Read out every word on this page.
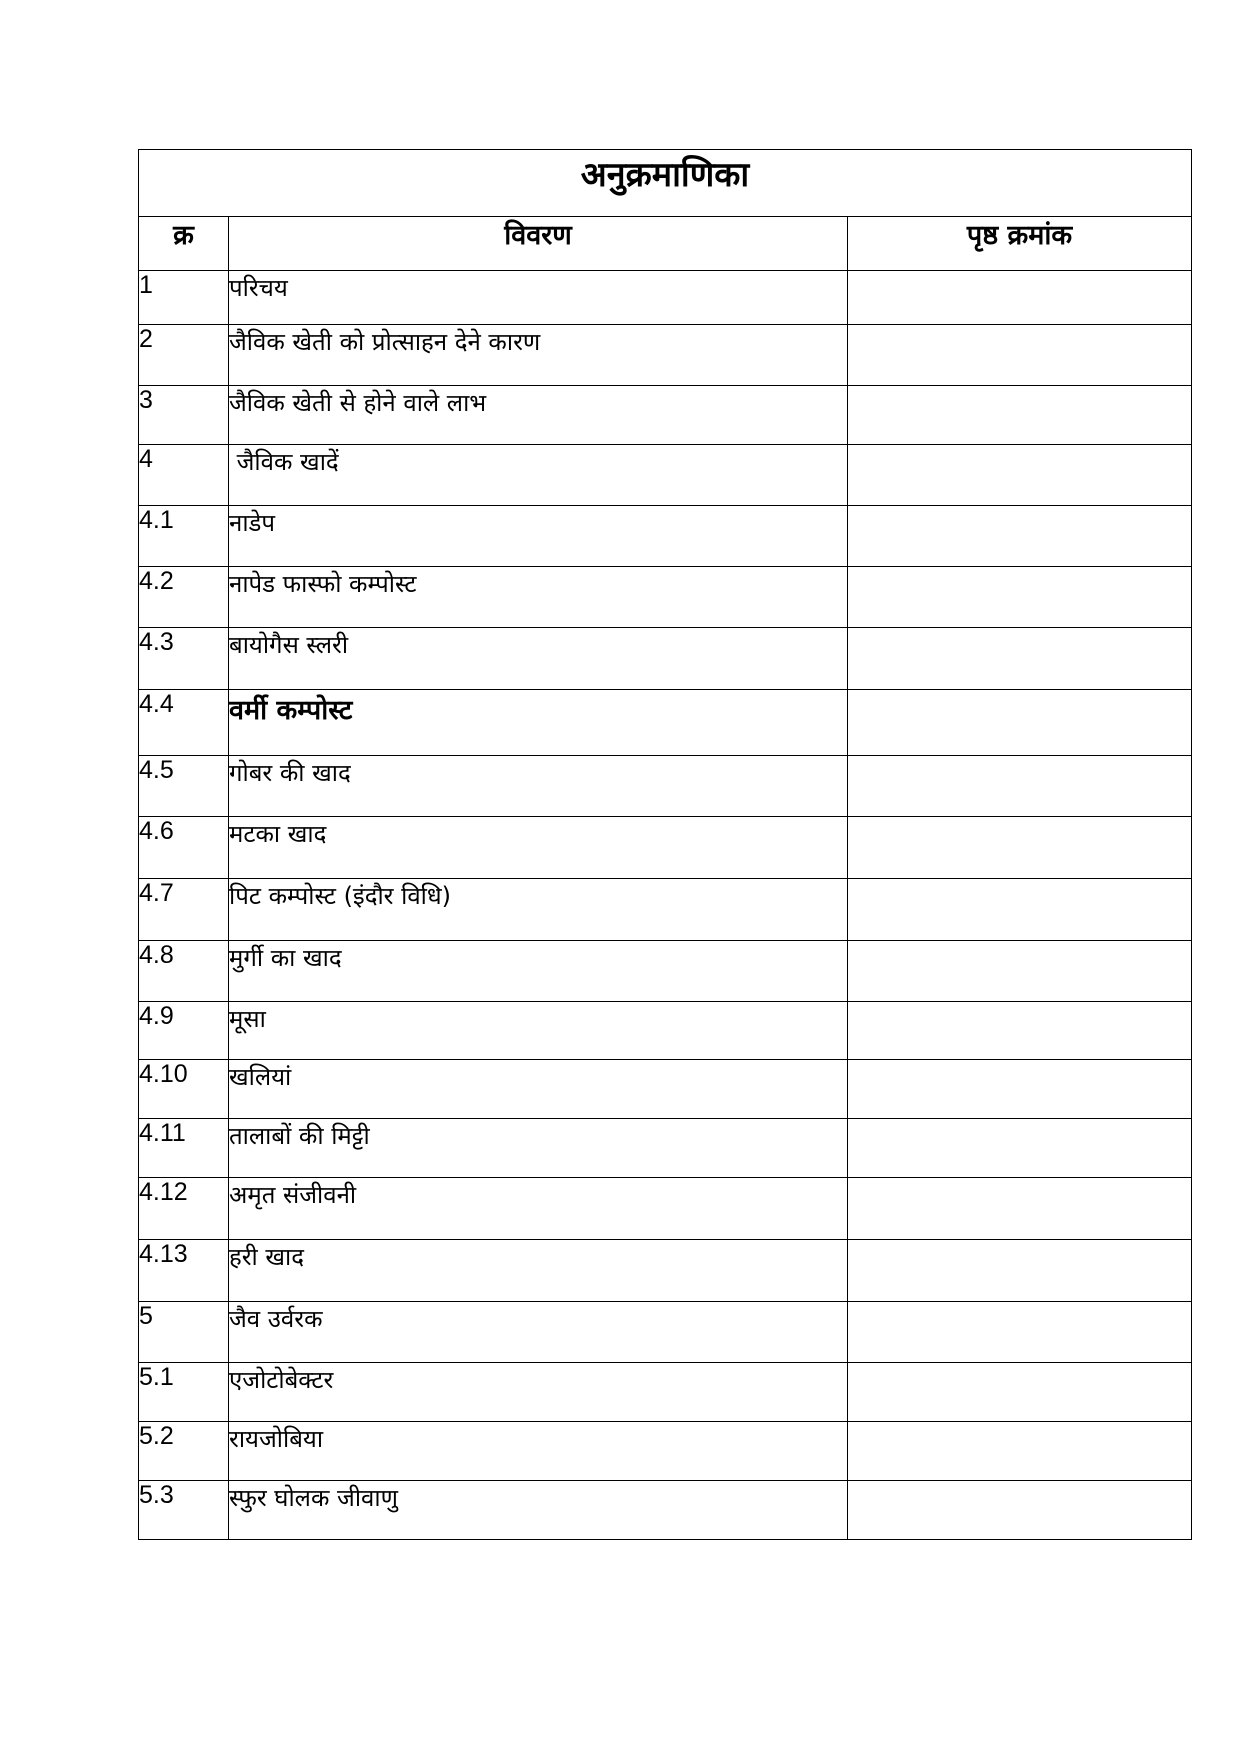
अनुक्रमाणिका		
क्र	विवरण	पृष्ठ क्रमांक
1	परिचय	
2	जैविक खेती को प्रोत्साहन देने कारण	
3	जैविक खेती से होने वाले लाभ	
4	जैविक खादें	
4.1	नाडेप	
4.2	नापेड फास्फो कम्पोस्ट	
4.3	बायोगैस स्लरी	
4.4	वर्मी कम्पोस्ट	
4.5	गोबर की खाद	
4.6	मटका खाद	
4.7	पिट कम्पोस्ट (इंदौर विधि)	
4.8	मुर्गी का खाद	
4.9	मूसा	
4.10	खलियां	
4.11	तालाबों की मिट्टी	
4.12	अमृत संजीवनी	
4.13	हरी खाद	
5	जैव उर्वरक	
5.1	एजोटोबेक्टर	
5.2	रायजोबिया	
5.3	स्फुर घोलक जीवाणु	
